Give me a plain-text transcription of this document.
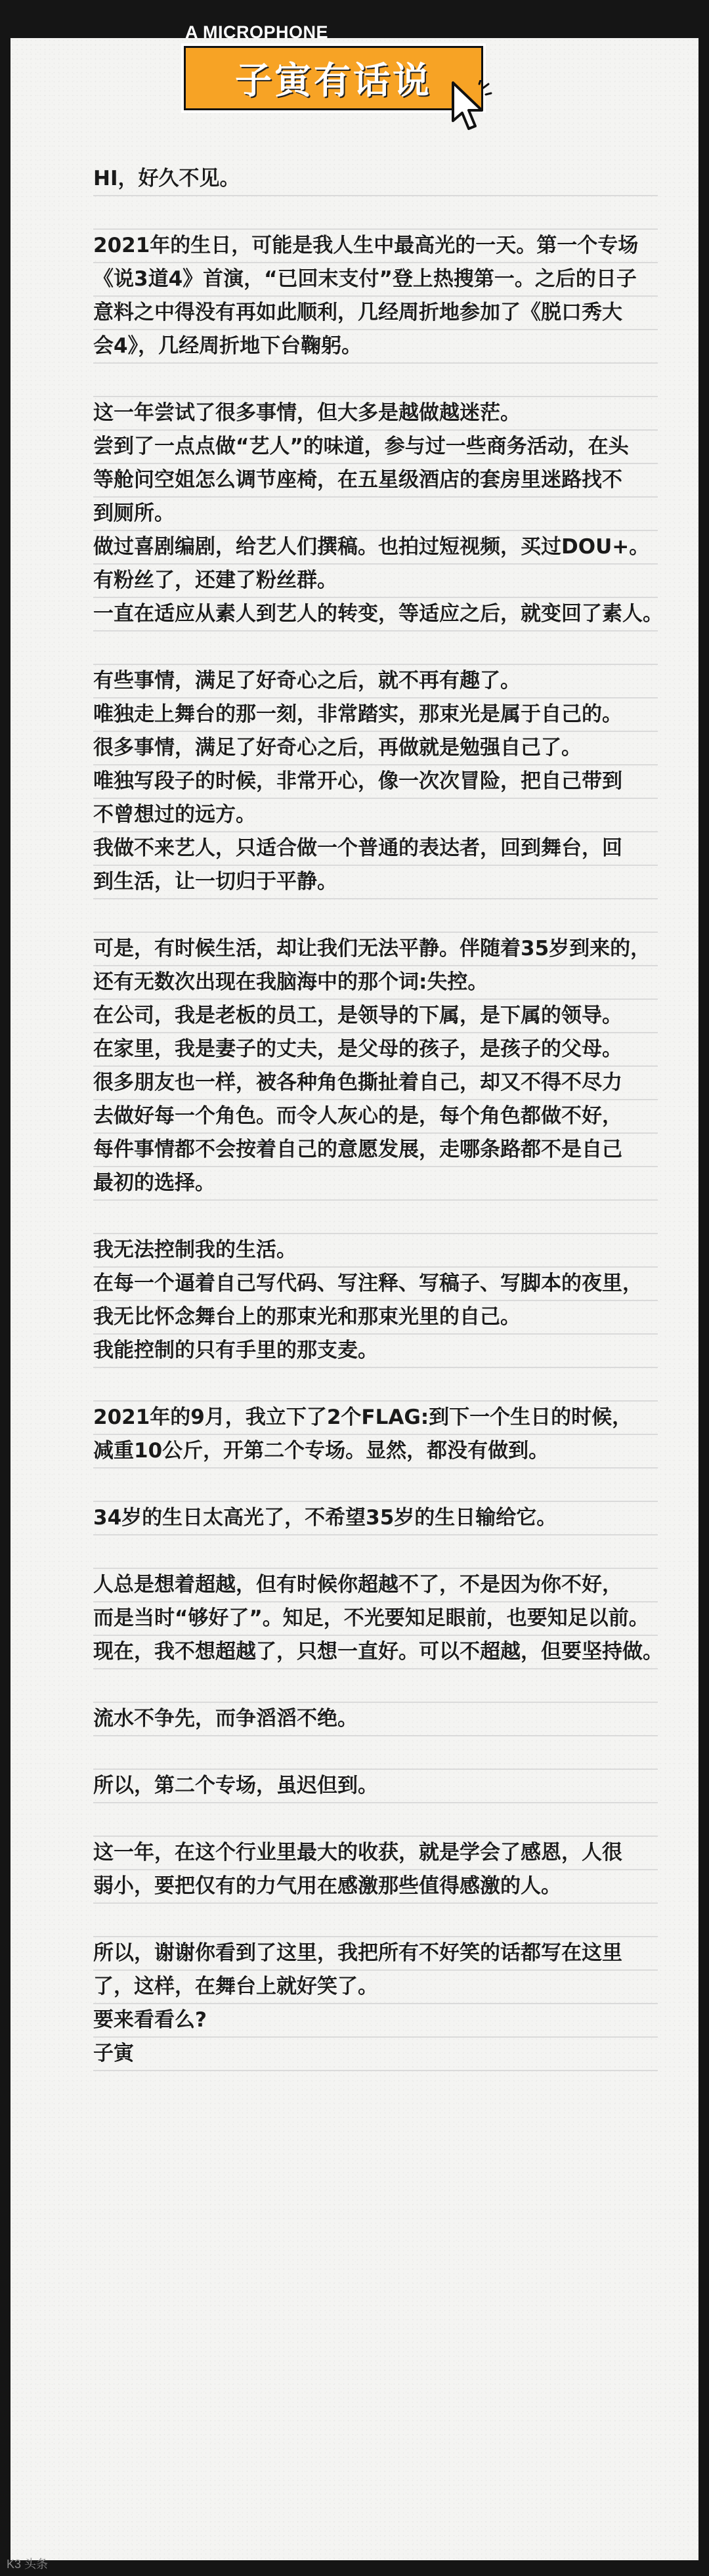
A MICROPHONE
子寅有话说
HI，好久不见。
2021年的生日，可能是我人生中最高光的一天。第一个专场
《说3道4》首演，“已回末支付”登上热搜第一。之后的日子
意料之中得没有再如此顺利，几经周折地参加了《脱口秀大
会4》，几经周折地下台鞠躬。
这一年尝试了很多事情，但大多是越做越迷茫。
尝到了一点点做“艺人”的味道，参与过一些商务活动，在头
等舱问空姐怎么调节座椅，在五星级酒店的套房里迷路找不
到厕所。
做过喜剧编剧，给艺人们撰稿。也拍过短视频，买过DOU+。
有粉丝了，还建了粉丝群。
一直在适应从素人到艺人的转变，等适应之后，就变回了素人。
有些事情，满足了好奇心之后，就不再有趣了。
唯独走上舞台的那一刻，非常踏实，那束光是属于自己的。
很多事情，满足了好奇心之后，再做就是勉强自己了。
唯独写段子的时候，非常开心，像一次次冒险，把自己带到
不曾想过的远方。
我做不来艺人，只适合做一个普通的表达者，回到舞台，回
到生活，让一切归于平静。
可是，有时候生活，却让我们无法平静。伴随着35岁到来的，
还有无数次出现在我脑海中的那个词:失控。
在公司，我是老板的员工，是领导的下属，是下属的领导。
在家里，我是妻子的丈夫，是父母的孩子，是孩子的父母。
很多朋友也一样，被各种角色撕扯着自己，却又不得不尽力
去做好每一个角色。而令人灰心的是，每个角色都做不好，
每件事情都不会按着自己的意愿发展，走哪条路都不是自己
最初的选择。
我无法控制我的生活。
在每一个逼着自己写代码、写注释、写稿子、写脚本的夜里，
我无比怀念舞台上的那束光和那束光里的自己。
我能控制的只有手里的那支麦。
2021年的9月，我立下了2个FLAG:到下一个生日的时候，
减重10公斤，开第二个专场。显然，都没有做到。
34岁的生日太高光了，不希望35岁的生日输给它。
人总是想着超越，但有时候你超越不了，不是因为你不好，
而是当时“够好了”。知足，不光要知足眼前，也要知足以前。
现在，我不想超越了，只想一直好。可以不超越，但要坚持做。
流水不争先，而争滔滔不绝。
所以，第二个专场，虽迟但到。
这一年，在这个行业里最大的收获，就是学会了感恩，人很
弱小，要把仅有的力气用在感激那些值得感激的人。
所以，谢谢你看到了这里，我把所有不好笑的话都写在这里
了，这样，在舞台上就好笑了。
要来看看么?
子寅
K3 头条
